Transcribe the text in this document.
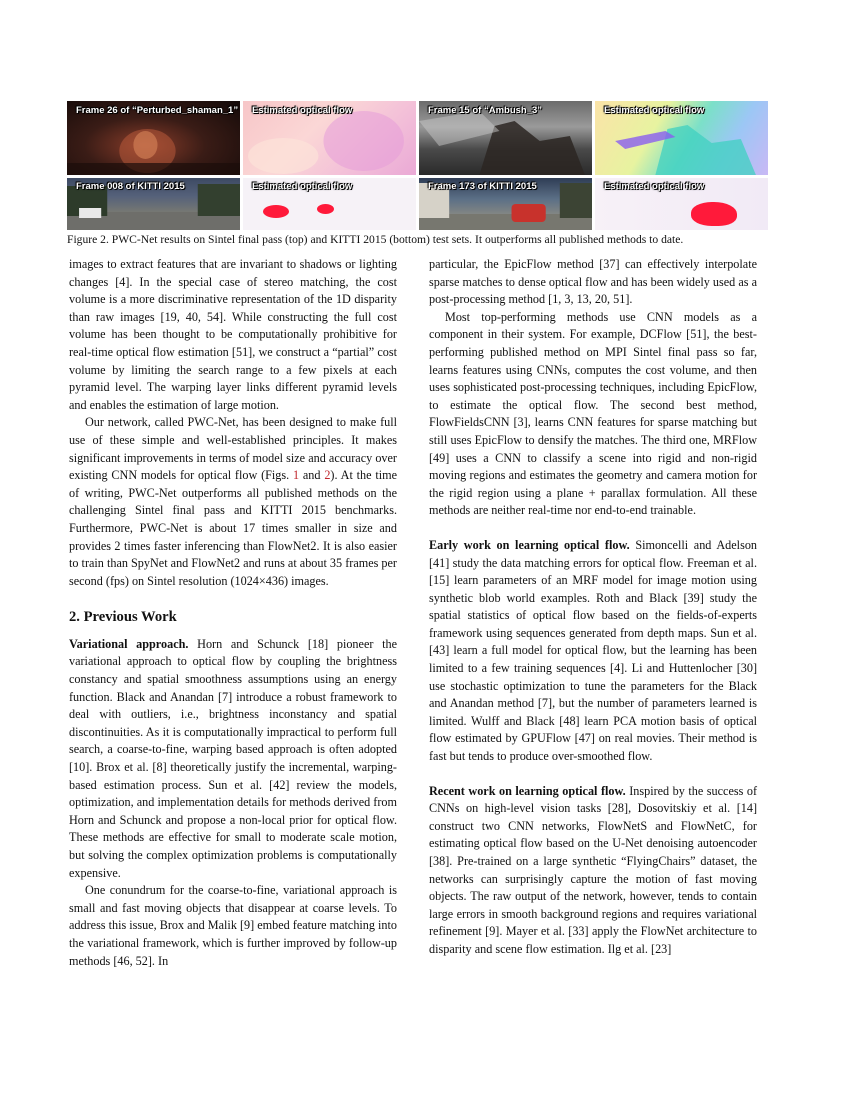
Frame 26 of “Perturbed_shaman_1” Estimated optical flow	Frame 15 of “Ambush_3”	Estimated optical flow
Frame 008 of KITTI 2015	Estimated optical flow	Frame 173 of KITTI 2015	Estimated optical flow
Figure 2. PWC-Net results on Sintel final pass (top) and KITTI 2015 (bottom) test sets. It outperforms all published methods to date.

images to extract features that are invariant to shadows or lighting changes [4]. In the special case of stereo matching, the cost volume is a more discriminative representation of the 1D disparity than raw images [19, 40, 54]. While constructing the full cost volume has been thought to be computationally prohibitive for real-time optical flow estimation [51], we construct a “partial” cost volume by limiting the search range to a few pixels at each pyramid level. The warping layer links different pyramid levels and enables the estimation of large motion.

Our network, called PWC-Net, has been designed to make full use of these simple and well-established principles. It makes significant improvements in terms of model size and accuracy over existing CNN models for optical flow (Figs. 1 and 2). At the time of writing, PWC-Net outperforms all published methods on the challenging Sintel final pass and KITTI 2015 benchmarks. Furthermore, PWC-Net is about 17 times smaller in size and provides 2 times faster inferencing than FlowNet2. It is also easier to train than SpyNet and FlowNet2 and runs at about 35 frames per second (fps) on Sintel resolution (1024×436) images.

2. Previous Work

Variational approach. Horn and Schunck [18] pioneer the variational approach to optical flow by coupling the brightness constancy and spatial smoothness assumptions using an energy function. Black and Anandan [7] introduce a robust framework to deal with outliers, i.e., brightness inconstancy and spatial discontinuities. As it is computationally impractical to perform full search, a coarse-to-fine, warping based approach is often adopted [10]. Brox et al. [8] theoretically justify the incremental, warping-based estimation process. Sun et al. [42] review the models, optimization, and implementation details for methods derived from Horn and Schunck and propose a non-local prior for optical flow. These methods are effective for small to moderate scale motion, but solving the complex optimization problems is computationally expensive.

One conundrum for the coarse-to-fine, variational approach is small and fast moving objects that disappear at coarse levels. To address this issue, Brox and Malik [9] embed feature matching into the variational framework, which is further improved by follow-up methods [46, 52]. In

particular, the EpicFlow method [37] can effectively interpolate sparse matches to dense optical flow and has been widely used as a post-processing method [1, 3, 13, 20, 51].

Most top-performing methods use CNN models as a component in their system. For example, DCFlow [51], the best-performing published method on MPI Sintel final pass so far, learns features using CNNs, computes the cost volume, and then uses sophisticated post-processing techniques, including EpicFlow, to estimate the optical flow. The second best method, FlowFieldsCNN [3], learns CNN features for sparse matching but still uses EpicFlow to densify the matches. The third one, MRFlow [49] uses a CNN to classify a scene into rigid and non-rigid moving regions and estimates the geometry and camera motion for the rigid region using a plane + parallax formulation. All these methods are neither real-time nor end-to-end trainable.

Early work on learning optical flow. Simoncelli and Adelson [41] study the data matching errors for optical flow. Freeman et al. [15] learn parameters of an MRF model for image motion using synthetic blob world examples. Roth and Black [39] study the spatial statistics of optical flow based on the fields-of-experts framework using sequences generated from depth maps. Sun et al. [43] learn a full model for optical flow, but the learning has been limited to a few training sequences [4]. Li and Huttenlocher [30] use stochastic optimization to tune the parameters for the Black and Anandan method [7], but the number of parameters learned is limited. Wulff and Black [48] learn PCA motion basis of optical flow estimated by GPUFlow [47] on real movies. Their method is fast but tends to produce over-smoothed flow.

Recent work on learning optical flow. Inspired by the success of CNNs on high-level vision tasks [28], Dosovitskiy et al. [14] construct two CNN networks, FlowNetS and FlowNetC, for estimating optical flow based on the U-Net denoising autoencoder [38]. Pre-trained on a large synthetic “FlyingChairs” dataset, the networks can surprisingly capture the motion of fast moving objects. The raw output of the network, however, tends to contain large errors in smooth background regions and requires variational refinement [9]. Mayer et al. [33] apply the FlowNet architecture to disparity and scene flow estimation. Ilg et al. [23]
